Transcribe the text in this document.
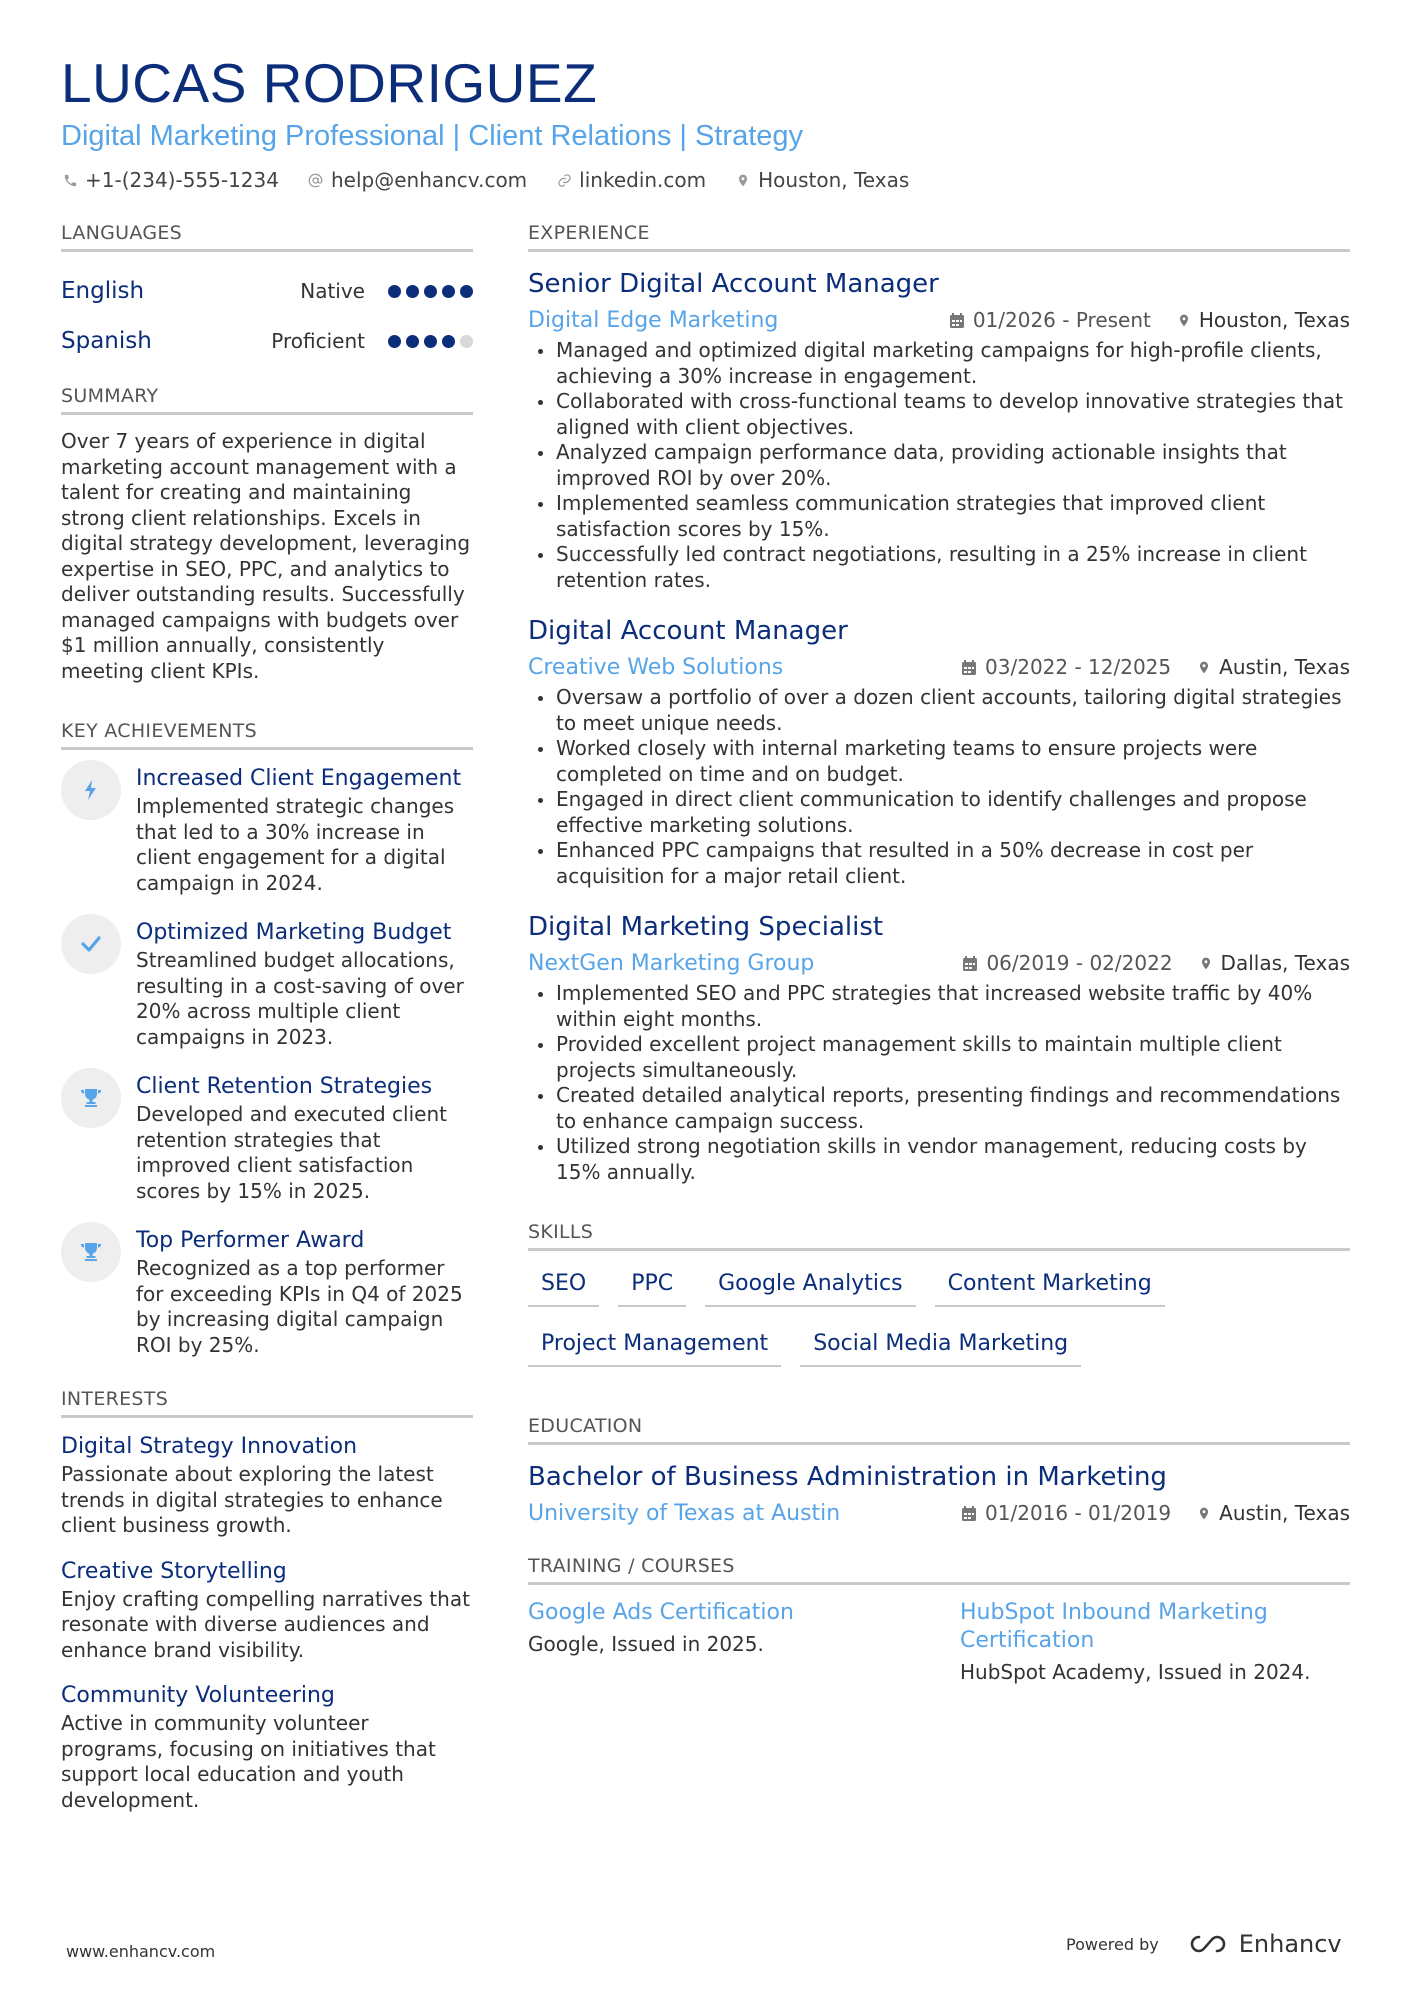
LUCAS RODRIGUEZ
Digital Marketing Professional | Client Relations | Strategy
+1-(234)-555-1234	help@enhancv.com	linkedin.com	Houston, Texas
LANGUAGES
English	Native
Spanish	Proficient
SUMMARY
Over 7 years of experience in digital marketing account management with a talent for creating and maintaining strong client relationships. Excels in digital strategy development, leveraging expertise in SEO, PPC, and analytics to deliver outstanding results. Successfully managed campaigns with budgets over $1 million annually, consistently meeting client KPIs.
KEY ACHIEVEMENTS
Increased Client Engagement
Implemented strategic changes that led to a 30% increase in client engagement for a digital campaign in 2024.
Optimized Marketing Budget
Streamlined budget allocations, resulting in a cost-saving of over 20% across multiple client campaigns in 2023.
Client Retention Strategies
Developed and executed client retention strategies that improved client satisfaction scores by 15% in 2025.
Top Performer Award
Recognized as a top performer for exceeding KPIs in Q4 of 2025 by increasing digital campaign ROI by 25%.
INTERESTS
Digital Strategy Innovation
Passionate about exploring the latest trends in digital strategies to enhance client business growth.
Creative Storytelling
Enjoy crafting compelling narratives that resonate with diverse audiences and enhance brand visibility.
Community Volunteering
Active in community volunteer programs, focusing on initiatives that support local education and youth development.
EXPERIENCE
Senior Digital Account Manager
Digital Edge Marketing	01/2026 - Present Houston, Texas
Managed and optimized digital marketing campaigns for high-profile clients, achieving a 30% increase in engagement.
Collaborated with cross-functional teams to develop innovative strategies that aligned with client objectives.
Analyzed campaign performance data, providing actionable insights that improved ROI by over 20%.
Implemented seamless communication strategies that improved client satisfaction scores by 15%.
Successfully led contract negotiations, resulting in a 25% increase in client retention rates.
Digital Account Manager
Creative Web Solutions	03/2022 - 12/2025 Austin, Texas
Oversaw a portfolio of over a dozen client accounts, tailoring digital strategies to meet unique needs.
Worked closely with internal marketing teams to ensure projects were completed on time and on budget.
Engaged in direct client communication to identify challenges and propose effective marketing solutions.
Enhanced PPC campaigns that resulted in a 50% decrease in cost per acquisition for a major retail client.
Digital Marketing Specialist
NextGen Marketing Group	06/2019 - 02/2022 Dallas, Texas
Implemented SEO and PPC strategies that increased website traffic by 40% within eight months.
Provided excellent project management skills to maintain multiple client projects simultaneously.
Created detailed analytical reports, presenting findings and recommendations to enhance campaign success.
Utilized strong negotiation skills in vendor management, reducing costs by 15% annually.
SKILLS
SEO	PPC	Google Analytics	Content Marketing
Project Management	Social Media Marketing
EDUCATION
Bachelor of Business Administration in Marketing
University of Texas at Austin	01/2016 - 01/2019 Austin, Texas
TRAINING / COURSES
Google Ads Certification
Google, Issued in 2025.
HubSpot Inbound Marketing Certification
HubSpot Academy, Issued in 2024.
www.enhancv.com	Powered by	Enhancv
